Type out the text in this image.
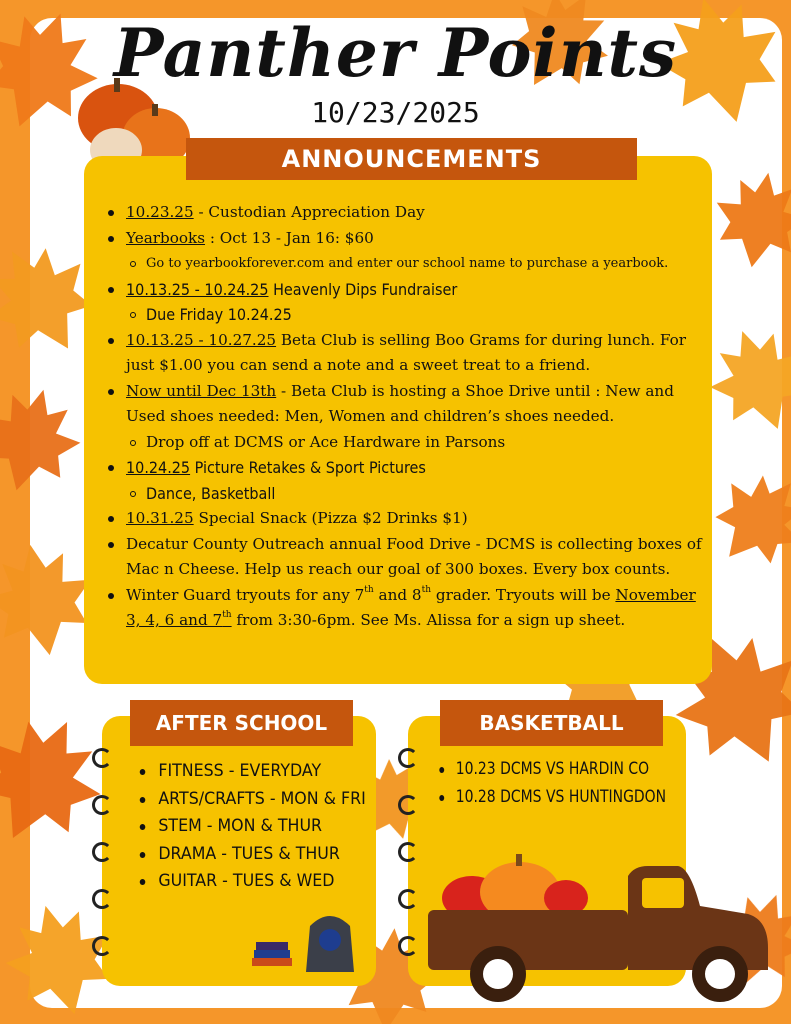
Panther Points
10/23/2025
10.23.25 - Custodian Appreciation Day
Yearbooks : Oct 13 - Jan 16: $60
Go to yearbookforever.com and enter our school name to purchase a yearbook.
10.13.25 - 10.24.25 Heavenly Dips Fundraiser
Due Friday 10.24.25
10.13.25 - 10.27.25 Beta Club is selling Boo Grams for during lunch. For just $1.00 you can send a note and a sweet treat to a friend.
Now until Dec 13th - Beta Club is hosting a Shoe Drive until : New and Used shoes needed: Men, Women and children’s shoes needed.
Drop off at DCMS or Ace Hardware in Parsons
10.24.25 Picture Retakes & Sport Pictures
Dance, Basketball
10.31.25 Special Snack (Pizza $2 Drinks $1)
Decatur County Outreach annual Food Drive - DCMS is collecting boxes of Mac n Cheese. Help us reach our goal of 300 boxes. Every box counts.
Winter Guard tryouts for any 7th and 8th grader. Tryouts will be November 3, 4, 6 and 7th from 3:30-6pm. See Ms. Alissa for a sign up sheet.
ANNOUNCEMENTS
AFTER SCHOOL
FITNESS - EVERYDAY
ARTS/CRAFTS - MON & FRI
STEM - MON & THUR
DRAMA - TUES & THUR
GUITAR - TUES & WED
BASKETBALL
10.23 DCMS VS HARDIN CO
10.28 DCMS VS HUNTINGDON
